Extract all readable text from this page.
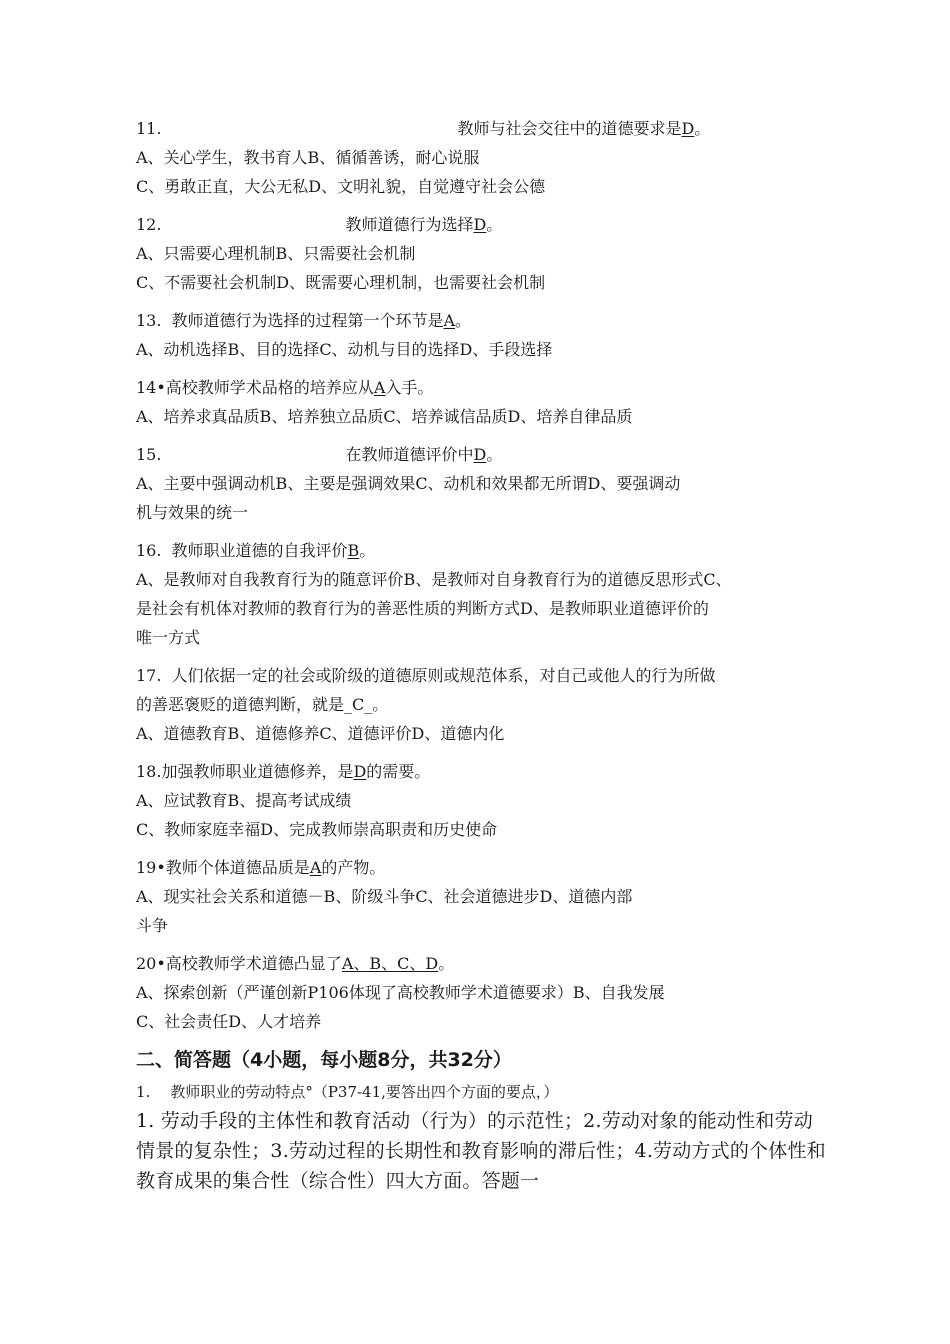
11.	教师与社会交往中的道德要求是D。
A、关心学生，教书育人B、循循善诱，耐心说服
C、勇敢正直，大公无私D、文明礼貌，自觉遵守社会公德
12.	教师道德行为选择D。
A、只需要心理机制B、只需要社会机制
C、不需要社会机制D、既需要心理机制，也需要社会机制
13. 教师道德行为选择的过程第一个环节是A。
A、动机选择B、目的选择C、动机与目的选择D、手段选择
14•高校教师学术品格的培养应从A入手。
A、培养求真品质B、培养独立品质C、培养诚信品质D、培养自律品质
15.	在教师道德评价中D。
A、主要中强调动机B、主要是强调效果C、动机和效果都无所谓D、要强调动
机与效果的统一
16. 教师职业道德的自我评价B。
A、是教师对自我教育行为的随意评价B、是教师对自身教育行为的道德反思形式C、
是社会有机体对教师的教育行为的善恶性质的判断方式D、是教师职业道德评价的
唯一方式
17. 人们依据一定的社会或阶级的道德原则或规范体系，对自己或他人的行为所做
的善恶褒贬的道德判断，就是_C_。
A、道德教育B、道德修养C、道德评价D、道德内化
18.加强教师职业道德修养，是D的需要。
A、应试教育B、提高考试成绩
C、教师家庭幸福D、完成教师崇高职责和历史使命
19•教师个体道德品质是A的产物。
A、现实社会关系和道德－B、阶级斗争C、社会道德进步D、道德内部
斗争
20•高校教师学术道德凸显了A、B、C、D。
A、探索创新（严谨创新P106体现了高校教师学术道德要求）B、自我发展
C、社会责任D、人才培养
二、简答题（4小题，每小题8分，共32分）
1. 教师职业的劳动特点°（P37-41,要答出四个方面的要点，）
1. 劳动手段的主体性和教育活动（行为）的示范性；2.劳动对象的能动性和劳动情景的复杂性；3.劳动过程的长期性和教育影响的滞后性；4.劳动方式的个体性和教育成果的集合性（综合性）四大方面。答题一
